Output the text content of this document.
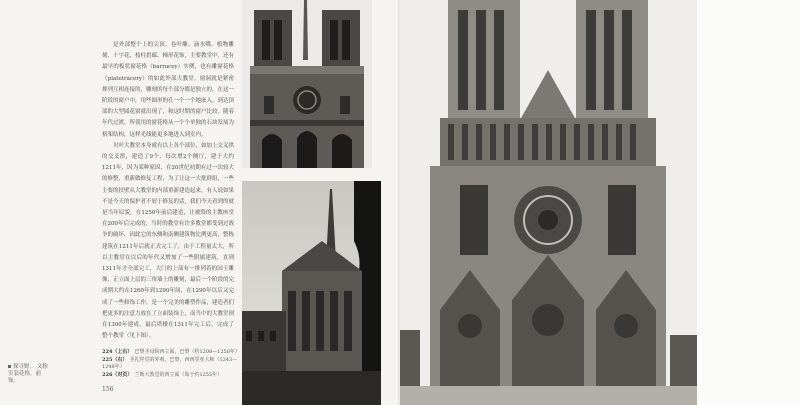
探寻野， 又称室装花格，前饰。

是外部整个上的尖顶、卷叶雕、滴水嘴、植物雕刻、十字花、枝柱拱廊、梯形花饰，主要教堂中，还有最早的板状窗花格（barracey）实例，也有雕窗花格（platetracery）的如此外部大教堂，窗洞就是紧密排列互相连接的，雕刻的每个部分都是独立的，在这一阶段的窗户中，用些圆形的孔一个一个地嵌入，到达顶部的大型圆花窗就出现了，和这时期的窗户比较，随着年代过渡，所使用的窗花格从一个个单独的石块发展为格架结构，这样光线能更多地进入到室内。

贝叶大教堂本身就有以上各个部位，如加上交叉拱的交叉拱，建造了9个、每次增2个侧厅，建于大约1211年，因为某种原因，在20世纪初期有过一次较大的修整，重新做修复工程，为了让这一大批群组，一些主要的扶壁从大教堂的内部重新建造起来，有人说如果不是今天的保护者不屑于修复的话，我们今天看到的就是当年原貌，在1250年前后建造，让被毁的主教座堂在200年后完成的，当时的教堂有许多教堂都受到过战争的破坏，因此它的东侧和南侧建筑物比例更高，整栋建筑在1211年后就正式完工了，由于工程量太大，所以主教堂在以后的年代又增加了一些附属建筑，直到1311年才全部完工，大门的上部有一排列着的国王雕像，正立面上层的三角墙上的雕刻，最后一个阶段的完成期大约在1260年到1290年间，在1290年以后又完成了一些修饰工作，是一个完美的雕塑作品，建造者们把更多的注意力放在了立面装饰上，而当中的大教堂则在1300年建成，最后塔楼在1311年完工后，完成了整个教堂（见下图）。

224（上右） 巴黎圣母院西立面，巴黎（约1200—1250年）
225（右） 圣礼拜堂的外观，巴黎，西西里亚大师（1243—1248年）
226（对页） 兰斯大教堂的西立面（始于约1255年）
156
